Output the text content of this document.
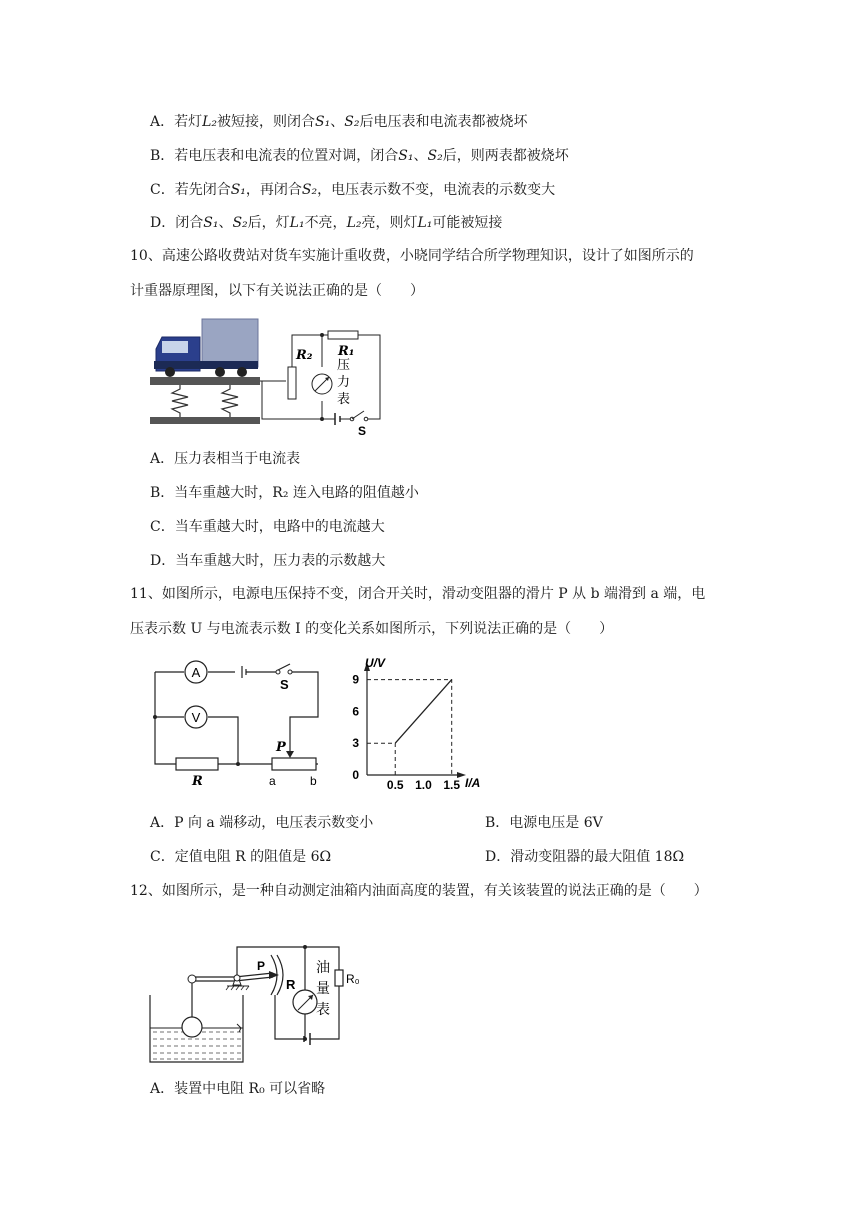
A．若灯L₂被短接，则闭合S₁、S₂后电压表和电流表都被烧坏
B．若电压表和电流表的位置对调，闭合S₁、S₂后，则两表都被烧坏
C．若先闭合S₁，再闭合S₂，电压表示数不变，电流表的示数变大
D．闭合S₁、S₂后，灯L₁不亮，L₂亮，则灯L₁可能被短接
10、高速公路收费站对货车实施计重收费，小晓同学结合所学物理知识，设计了如图所示的
计重器原理图，以下有关说法正确的是（　　）
R₂ R₁
压
力
表
S
A．压力表相当于电流表
B．当车重越大时，R₂ 连入电路的阻值越小
C．当车重越大时，电路中的电流越大
D．当车重越大时，压力表的示数越大
11、如图所示，电源电压保持不变，闭合开关时，滑动变阻器的滑片 P 从 b 端滑到 a 端，电
压表示数 U 与电流表示数 I 的变化关系如图所示，下列说法正确的是（　　）
A
V
S
R
P
a	b	0
3
6
9
0.5 1.0 1.5
U/V
I/A
A．P 向 a 端移动，电压表示数变小	B．电源电压是 6V
C．定值电阻 R 的阻值是 6Ω	D．滑动变阻器的最大阻值 18Ω
12、如图所示，是一种自动测定油箱内油面高度的装置，有关该装置的说法正确的是（　　）
P
R	R₀
油
量
表
A．装置中电阻 R₀ 可以省略
